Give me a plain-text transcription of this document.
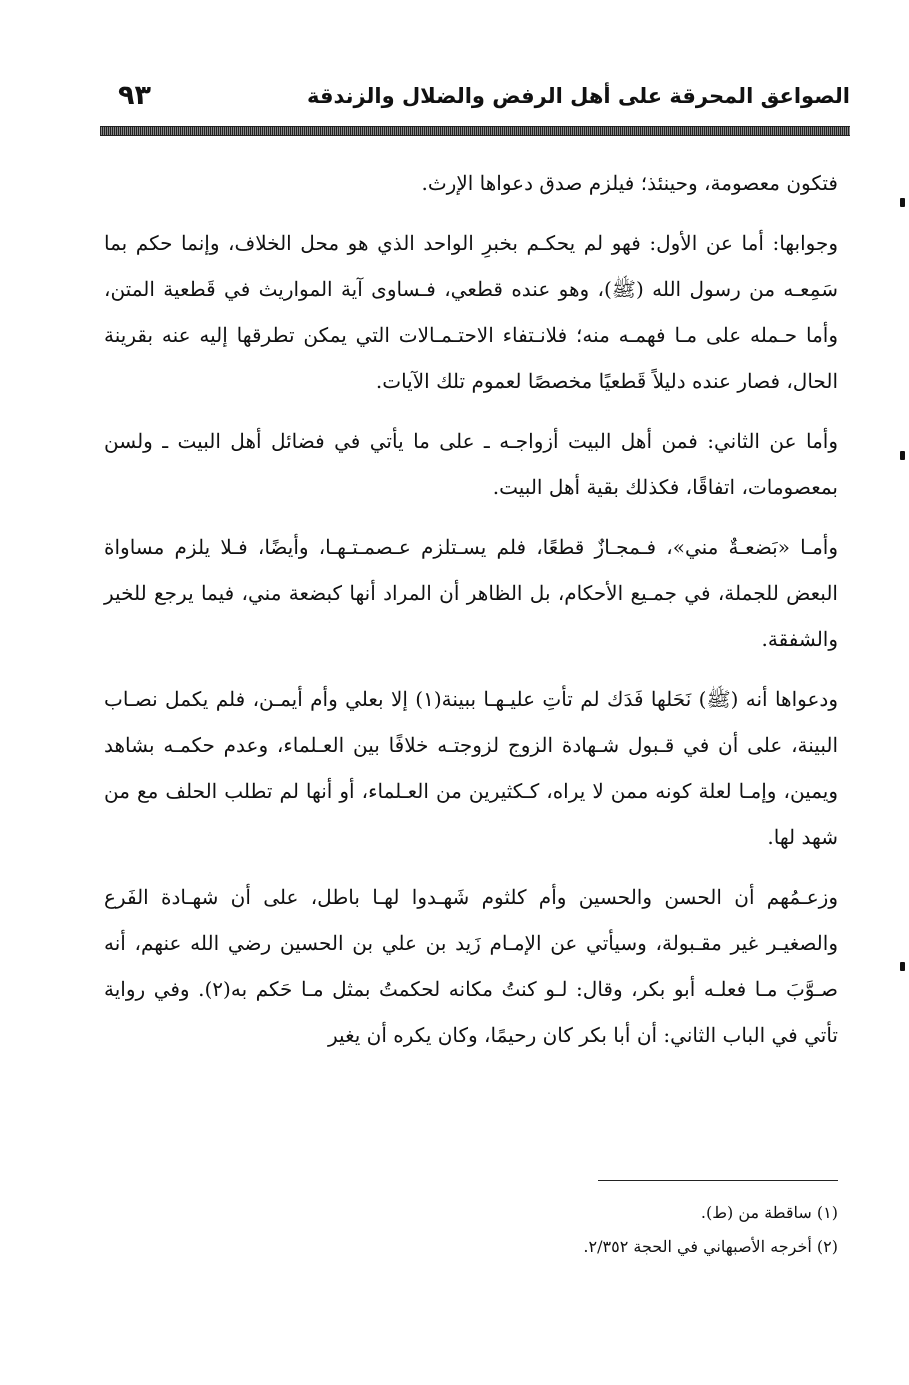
الصواعق المحرقة على أهل الرفض والضلال والزندقة
٩٣

فتكون معصومة، وحينئذ؛ فيلزم صدق دعواها الإرث.

وجوابها: أما عن الأول: فهو لم يحكـم بخبرِ الواحد الذي هو محل الخلاف، وإنما حكم بما سَمِعـه من رسول الله (ﷺ)، وهو عنده قطعي، فـساوى آية المواريث في قَطعية المتن، وأما حـمله على مـا فهمـه منه؛ فلانـتفاء الاحتـمـالات التي يمكن تطرقها إليه عنه بقرينة الحال، فصار عنده دليلاً قَطعيًا مخصصًا لعموم تلك الآيات.

وأما عن الثاني: فمن أهل البيت أزواجـه ـ على ما يأتي في فضائل أهل البيت ـ ولسن بمعصومات، اتفاقًا، فكذلك بقية أهل البيت.

وأمـا «بَضعـةٌ مني»، فـمجـازٌ قطعًا، فلم يسـتلزم عـصمـتـهـا، وأيضًا، فـلا يلزم مساواة البعض للجملة، في جمـيع الأحكام، بل الظاهر أن المراد أنها كبضعة مني، فيما يرجع للخير والشفقة.

ودعواها أنه (ﷺ) نَحَلها فَدَك لم تأتِ عليـهـا ببينة(١) إلا بعلي وأم أيمـن، فلم يكمل نصـاب البينة، على أن في قـبول شـهادة الزوج لزوجتـه خلافًا بين العـلماء، وعدم حكمـه بشاهد ويمين، وإمـا لعلة كونه ممن لا يراه، كـكثيرين من العـلماء، أو أنها لم تطلب الحلف مع من شهد لها.

وزعـمُهم أن الحسن والحسين وأم كلثوم شَهـدوا لهـا باطل، على أن شهـادة الفَرع والصغيـر غير مقـبولة، وسيأتي عن الإمـام زَيد بن علي بن الحسين رضي الله عنهم، أنه صـوَّبَ مـا فعلـه أبو بكر، وقال: لـو كنتُ مكانه لحكمتُ بمثل مـا حَكم به(٢). وفي رواية تأتي في الباب الثاني: أن أبا بكر كان رحيمًا، وكان يكره أن يغير

(١) ساقطة من (ط).
(٢) أخرجه الأصبهاني في الحجة ٢/٣٥٢.
